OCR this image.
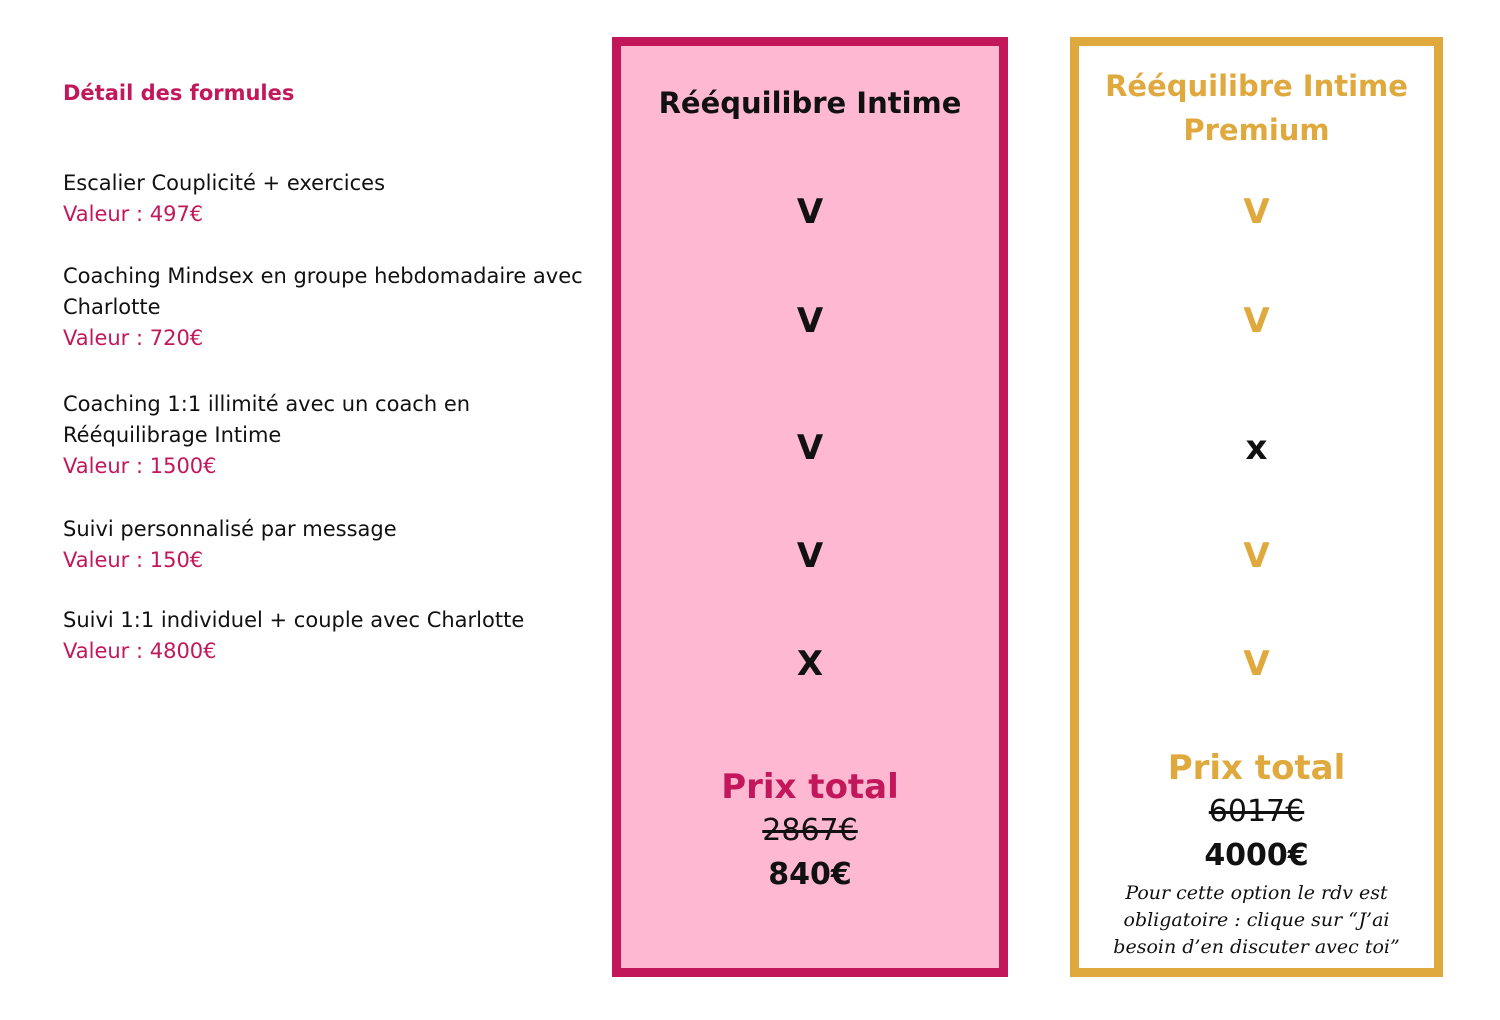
Détail des formules
Escalier Couplicité + exercices
Valeur : 497€
Coaching Mindsex en groupe hebdomadaire avec Charlotte
Valeur : 720€
Coaching 1:1 illimité avec un coach en Rééquilibrage Intime
Valeur : 1500€
Suivi personnalisé par message
Valeur : 150€
Suivi 1:1 individuel + couple avec Charlotte
Valeur : 4800€
Rééquilibre Intime
V
V
V
V
X
Prix total
2867€
840€
Rééquilibre Intime Premium
V
V
x
V
V
Prix total
6017€
4000€
Pour cette option le rdv est obligatoire : clique sur “J’ai besoin d’en discuter avec toi”
